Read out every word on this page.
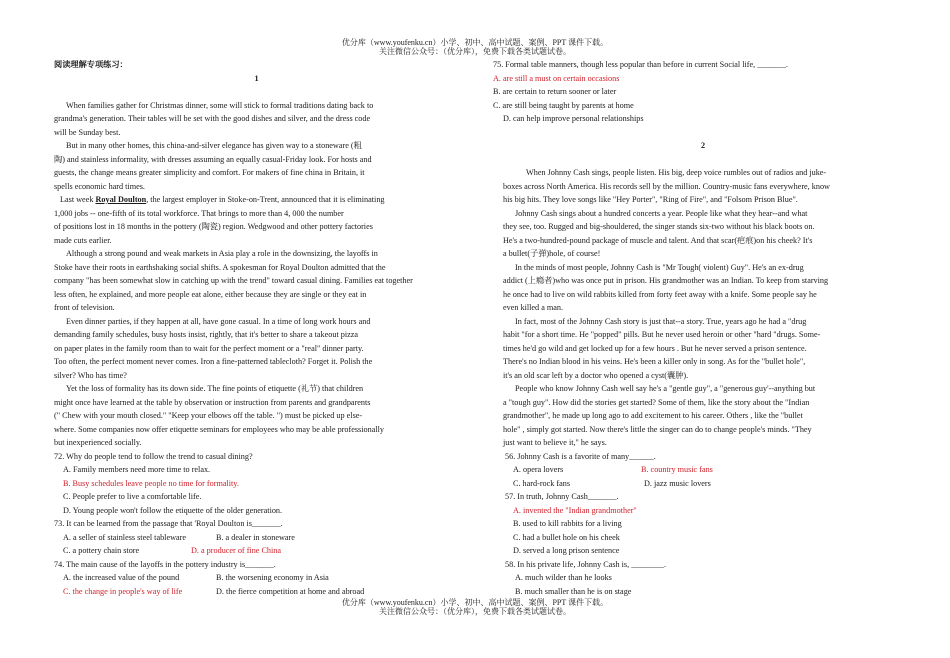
优分库（www.youfenku.cn）小学、初中、高中试题、案例、PPT 课件下载。
关注微信公众号：（优分库），免费下载各类试题试卷。
阅读理解专项练习：
1
When families gather for Christmas dinner, some will stick to formal traditions dating back to
grandma's generation. Their tables will be set with the good dishes and silver, and the dress code
will be Sunday best.
But in many other homes, this china-and-silver elegance has given way to a stoneware (粗
陶) and stainless informality, with dresses assuming an equally casual-Friday look. For hosts and
guests, the change means greater simplicity and comfort. For makers of fine china in Britain, it
spells economic hard times.
Last week Royal Doulton, the largest employer in Stoke-on-Trent, announced that it is eliminating
1,000 jobs -- one-fifth of its total workforce. That brings to more than 4, 000 the number
of positions lost in 18 months in the pottery (陶瓷) region. Wedgwood and other pottery factories
made cuts earlier.
Although a strong pound and weak markets in Asia play a role in the downsizing, the layoffs in
Stoke have their roots in earthshaking social shifts. A spokesman for Royal Doulton admitted that the
company "has been somewhat slow in catching up with the trend" toward casual dining. Families eat together
less often, he explained, and more people eat alone, either because they are single or they eat in
front of television.
Even dinner parties, if they happen at all, have gone casual. In a time of long work hours and
demanding family schedules, busy hosts insist, rightly, that it's better to share a takeout pizza
on paper plates in the family room than to wait for the perfect moment or a "real" dinner party.
Too often, the perfect moment never comes. Iron a fine-patterned tablecloth? Forget it. Polish the
silver? Who has time?
Yet the loss of formality has its down side. The fine points of etiquette (礼节) that children
might once have learned at the table by observation or instruction from parents and grandparents
(" Chew with your mouth closed." "Keep your elbows off the table. ") must be picked up else-
where. Some companies now offer etiquette seminars for employees who may be able professionally
but inexperienced socially.
72. Why do people tend to follow the trend to casual dining?
A. Family members need more time to relax.
B. Busy schedules leave people no time for formality.
C. People prefer to live a comfortable life.
D. Young people won't follow the etiquette of the older generation.
73. It can be learned from the passage that 'Royal Doulton is_______.
A. a seller of stainless steel tableware	B. a dealer in stoneware
C. a pottery chain store	D. a producer of fine China
74. The main cause of the layoffs in the pottery industry is_______.
A. the increased value of the pound	B. the worsening economy in Asia
C. the change in people's way of life	D. the fierce competition at home and abroad
75. Formal table manners, though less popular than before in current Social life, _______.
A. are still a must on certain occasions
B. are certain to return sooner or later
C. are still being taught by parents at home
D. can help improve personal relationships
2
When Johnny Cash sings, people listen. His big, deep voice rumbles out of radios and juke-
boxes across North America. His records sell by the million. Country-music fans everywhere, know
his big hits. They love songs like "Hey Porter", "Ring of Fire", and "Folsom Prison Blue".
Johnny Cash sings about a hundred concerts a year. People like what they hear--and what
they see, too. Rugged and big-shouldered, the singer stands six-two without his black boots on.
He's a two-hundred-pound package of muscle and talent. And that scar(疤痕)on his cheek? It's
a bullet(子弹)hole, of course!
In the minds of most people, Johnny Cash is "Mr Tough( violent) Guy". He's an ex-drug
addict (上瘾者)who was once put in prison. His grandmother was an Indian. To keep from starving
he once had to live on wild rabbits killed from forty feet away with a knife. Some people say he
even killed a man.
In fact, most of the Johnny Cash story is just that--a story. True, years ago he had a "drug
habit "for a short time. He "popped" pills. But he never used heroin or other "hard "drugs. Some-
times he'd go wild and get locked up for a few hours . But he never served a prison sentence.
There's no Indian blood in his veins. He's been a killer only in song. As for the "bullet hole",
it's an old scar left by a doctor who opened a cyst(囊肿).
People who know Johnny Cash well say he's a "gentle guy", a "generous guy'--anything but
a "tough guy". How did the stories get started? Some of them, like the story about the "Indian
grandmother", he made up long ago to add excitement to his career. Others , like the "bullet
hole" , simply got started. Now there's little the singer can do to change people's minds. "They
just want to believe it," he says.
56. Johnny Cash is a favorite of many______.
A. opera lovers	B. country music fans
C. hard-rock fans	D. jazz music lovers
57. In truth, Johnny Cash_______.
A. invented the "Indian grandmother"
B. used to kill rabbits for a living
C. had a bullet hole on his cheek
D. served a long prison sentence
58. In his private life, Johnny Cash is, ________.
A. much wilder than he looks
B. much smaller than he is on stage
优分库（www.youfenku.cn）小学、初中、高中试题、案例、PPT 课件下载。
关注微信公众号：（优分库），免费下载各类试题试卷。
